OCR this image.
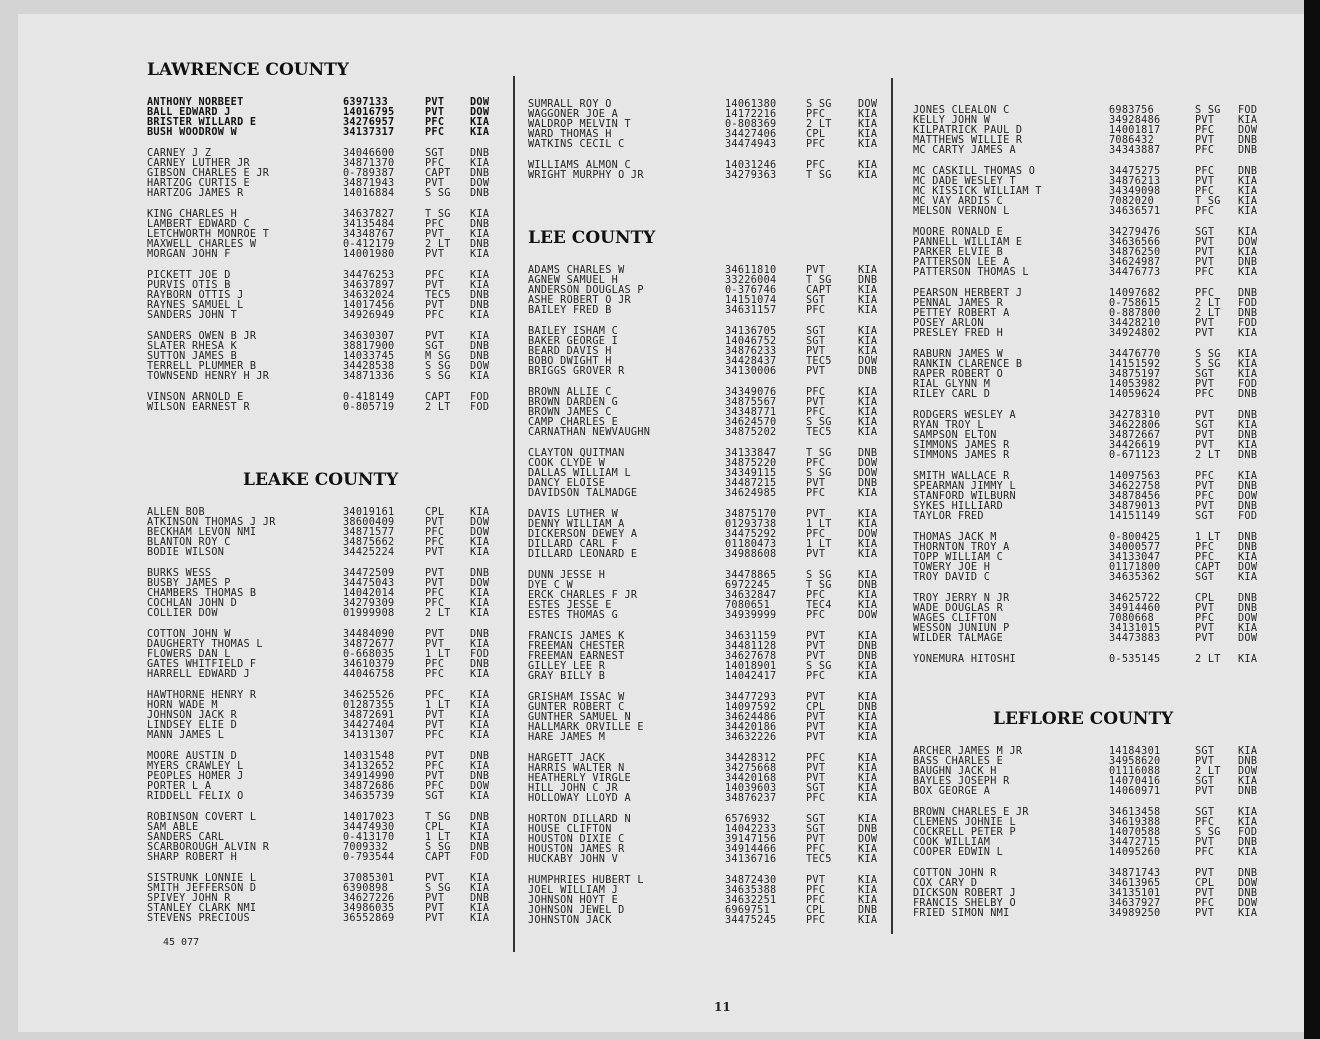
LAWRENCE COUNTY
ANTHONY NORBEET	6397133	PVT	DOW
BALL EDWARD J	14016795	PVT	DOW
BRISTER WILLARD E	34276957	PFC	KIA
BUSH WOODROW W	34137317	PFC	KIA
CARNEY J Z	34046600	SGT	DNB
CARNEY LUTHER JR	34871370	PFC	KIA
GIBSON CHARLES E JR	0-789387	CAPT DNB
HARTZOG CURTIS E	34871943	PVT	DOW
HARTZOG JAMES R	14016884	S SG DNB
KING CHARLES H	34637827	T SG KIA
LAMBERT EDWARD C	34135484	PFC	DNB
LETCHWORTH MONROE T	34348767	PVT	KIA
MAXWELL CHARLES W	0-412179	2 LT DNB
MORGAN JOHN F	14001980	PVT	KIA
PICKETT JOE D	34476253	PFC	KIA
PURVIS OTIS B	34637897	PVT	KIA
RAYBORN OTTIS J	34632024	TEC5 DNB
RAYNES SAMUEL L	14017456	PVT	DNB
SANDERS JOHN T	34926949	PFC	KIA
SANDERS OWEN B JR	34630307	PVT	KIA
SLATER RHESA K	38817900	SGT	DNB
SUTTON JAMES B	14033745	M SG DNB
TERRELL PLUMMER B	34428538	S SG DOW
TOWNSEND HENRY H JR	34871336	S SG KIA
VINSON ARNOLD E	0-418149	CAPT FOD
WILSON EARNEST R	0-805719	2 LT FOD
LEAKE COUNTY
ALLEN BOB	34019161	CPL	KIA
ATKINSON THOMAS J JR	38600409	PVT	DOW
BECKHAM LEVON NMI	34871577	PFC	DOW
BLANTON ROY C	34875662	PFC	KIA
BODIE WILSON	34425224	PVT	KIA
BURKS WESS	34472509	PVT	DNB
BUSBY JAMES P	34475043	PVT	DOW
CHAMBERS THOMAS B	14042014	PFC	KIA
COCHLAN JOHN D	34279309	PFC	KIA
COLLIER DOW	01999908	2 LT KIA
COTTON JOHN W	34484090	PVT	DNB
DAUGHERTY THOMAS L	34872677	PVT	KIA
FLOWERS DAN L	0-668035	1 LT FOD
GATES WHITFIELD F	34610379	PFC	DNB
HARRELL EDWARD J	44046758	PFC	KIA
HAWTHORNE HENRY R	34625526	PFC	KIA
HORN WADE M	01287355	1 LT KIA
JOHNSON JACK R	34872691	PVT	KIA
LINDSEY ELIE D	34427404	PVT	KIA
MANN JAMES L	34131307	PFC	KIA
MOORE AUSTIN D	14031548	PVT	DNB
MYERS CRAWLEY L	34132652	PFC	KIA
PEOPLES HOMER J	34914990	PVT	DNB
PORTER L A	34872686	PFC	DOW
RIDDELL FELIX O	34635739	SGT	KIA
ROBINSON COVERT L	14017023	T SG DNB
SAM ABLE	34474930	CPL	KIA
SANDERS CARL	0-413170	1 LT KIA
SCARBOROUGH ALVIN R	7009332	S SG DNB
SHARP ROBERT H	0-793544	CAPT FOD
SISTRUNK LONNIE L	37085301	PVT	KIA
SMITH JEFFERSON D	6390898	S SG KIA
SPIVEY JOHN R	34627226	PVT	DNB
STANLEY CLARK NMI	34986035	PVT	KIA
STEVENS PRECIOUS	36552869	PVT	KIA
SUMRALL ROY O	14061380	S SG	DOW
WAGGONER JOE A	14172216	PFC	KIA
WALDROP MELVIN T	0-808369	2 LT	KIA
WARD THOMAS H	34427406	CPL	KIA
WATKINS CECIL C	34474943	PFC	KIA
WILLIAMS ALMON C	14031246	PFC	KIA
WRIGHT MURPHY O JR	34279363	T SG	KIA
LEE COUNTY
ADAMS CHARLES W	34611810	PVT	KIA
AGNEW SAMUEL H	33226004	T SG	DNB
ANDERSON DOUGLAS P	0-376746	CAPT	KIA
ASHE ROBERT O JR	14151074	SGT	KIA
BAILEY FRED B	34631157	PFC	KIA
BAILEY ISHAM C	34136705	SGT	KIA
BAKER GEORGE I	14046752	SGT	KIA
BEARD DAVIS H	34876233	PVT	KIA
BOBO DWIGHT H	34428437	TEC5	DOW
BRIGGS GROVER R	34130006	PVT	DNB
BROWN ALLIE C	34349076	PFC	KIA
BROWN DARDEN G	34875567	PVT	KIA
BROWN JAMES C	34348771	PFC	KIA
CAMP CHARLES E	34624570	S SG	KIA
CARNATHAN NEWVAUGHN	34875202	TEC5	KIA
CLAYTON QUITMAN	34133847	T SG	DNB
COOK CLYDE W	34875220	PFC	DOW
DALLAS WILLIAM L	34349115	S SG	DOW
DANCY ELOISE	34487215	PVT	DNB
DAVIDSON TALMADGE	34624985	PFC	KIA
DAVIS LUTHER W	34875170	PVT	KIA
DENNY WILLIAM A	01293738	1 LT	KIA
DICKERSON DEWEY A	34475292	PFC	DOW
DILLARD CARL F	01180473	1 LT	KIA
DILLARD LEONARD E	34988608	PVT	KIA
DUNN JESSE H	34478865	S SG	KIA
DYE C W	6972245	T SG	DNB
ERCK CHARLES F JR	34632847	PFC	KIA
ESTES JESSE E	7080651	TEC4	KIA
ESTES THOMAS G	34939999	PFC	DOW
FRANCIS JAMES K	34631159	PVT	KIA
FREEMAN CHESTER	34481128	PVT	DNB
FREEMAN EARNEST	34627678	PVT	DNB
GILLEY LEE R	14018901	S SG	KIA
GRAY BILLY B	14042417	PFC	KIA
GRISHAM ISSAC W	34477293	PVT	KIA
GUNTER ROBERT C	14097592	CPL	DNB
GUNTHER SAMUEL N	34624486	PVT	KIA
HALLMARK ORVILLE E	34420186	PVT	KIA
HARE JAMES M	34632226	PVT	KIA
HARGETT JACK	34428312	PFC	KIA
HARRIS WALTER N	34275668	PVT	KIA
HEATHERLY VIRGLE	34420168	PVT	KIA
HILL JOHN C JR	14039603	SGT	KIA
HOLLOWAY LLOYD A	34876237	PFC	KIA
HORTON DILLARD N	6576932	SGT	KIA
HOUSE CLIFTON	14042233	SGT	DNB
HOUSTON DIXIE C	39147156	PVT	DOW
HOUSTON JAMES R	34914466	PFC	KIA
HUCKABY JOHN V	34136716	TEC5	KIA
HUMPHRIES HUBERT L	34872430	PVT	KIA
JOEL WILLIAM J	34635388	PFC	KIA
JOHNSON HOYT E	34632251	PFC	KIA
JOHNSON JEWEL D	6969751	CPL	DNB
JOHNSTON JACK	34475245	PFC	KIA
JONES CLEALON C	6983756	S SG FOD
KELLY JOHN W	34928486	PVT KIA
KILPATRICK PAUL D	14001817	PFC DOW
MATTHEWS WILLIE R	7086432	PVT DNB
MC CARTY JAMES A	34343887	PFC DNB
MC CASKILL THOMAS O	34475275	PFC DNB
MC DADE WESLEY T	34876213	PVT KIA
MC KISSICK WILLIAM T	34349098	PFC KIA
MC VAY ARDIS C	7082020	T SG KIA
MELSON VERNON L	34636571	PFC KIA
MOORE RONALD E	34279476	SGT KIA
PANNELL WILLIAM E	34636566	PVT DOW
PARKER ELVIE B	34876250	PVT KIA
PATTERSON LEE A	34624987	PVT DNB
PATTERSON THOMAS L	34476773	PFC KIA
PEARSON HERBERT J	14097682	PFC DNB
PENNAL JAMES R	0-758615	2 LT FOD
PETTEY ROBERT A	0-887800	2 LT DNB
POSEY ARLON	34428210	PVT FOD
PRESLEY FRED H	34924802	PVT KIA
RABURN JAMES W	34476770	S SG KIA
RANKIN CLARENCE B	14151592	S SG KIA
RAPER ROBERT O	34875197	SGT KIA
RIAL GLYNN M	14053982	PVT FOD
RILEY CARL D	14059624	PFC DNB
RODGERS WESLEY A	34278310	PVT DNB
RYAN TROY L	34622806	SGT KIA
SAMPSON ELTON	34872667	PVT DNB
SIMMONS JAMES R	34426619	PVT KIA
SIMMONS JAMES R	0-671123	2 LT DNB
SMITH WALLACE R	14097563	PFC KIA
SPEARMAN JIMMY L	34622758	PVT DNB
STANFORD WILBURN	34878456	PFC DOW
SYKES HILLIARD	34879013	PVT DNB
TAYLOR FRED	14151149	SGT FOD
THOMAS JACK M	0-800425	1 LT DNB
THORNTON TROY A	34000577	PFC DNB
TOPP WILLIAM C	34133047	PFC KIA
TOWERY JOE H	01171800	CAPT DOW
TROY DAVID C	34635362	SGT KIA
TROY JERRY N JR	34625722	CPL DNB
WADE DOUGLAS R	34914460	PVT DNB
WAGES CLIFTON	7080668	PFC DOW
WESSON JUNIUN P	34131015	PVT KIA
WILDER TALMAGE	34473883	PVT DOW
YONEMURA HITOSHI	0-535145	2 LT KIA
LEFLORE COUNTY
ARCHER JAMES M JR	14184301	SGT KIA
BASS CHARLES E	34958620	PVT DNB
BAUGHN JACK H	01116088	2 LT DOW
BAYLES JOSEPH R	14070416	SGT KIA
BOX GEORGE A	14060971	PVT DNB
BROWN CHARLES E JR	34613458	SGT KIA
CLEMENS JOHNIE L	34619388	PFC KIA
COCKRELL PETER P	14070588	S SG FOD
COOK WILLIAM	34472715	PVT DNB
COOPER EDWIN L	14095260	PFC KIA
COTTON JOHN R	34871743	PVT DNB
COX CARY D	34613965	CPL DOW
DICKSON ROBERT J	34135101	PVT DNB
FRANCIS SHELBY O	34637927	PFC DOW
FRIED SIMON NMI	34989250	PVT KIA
45 077
11
